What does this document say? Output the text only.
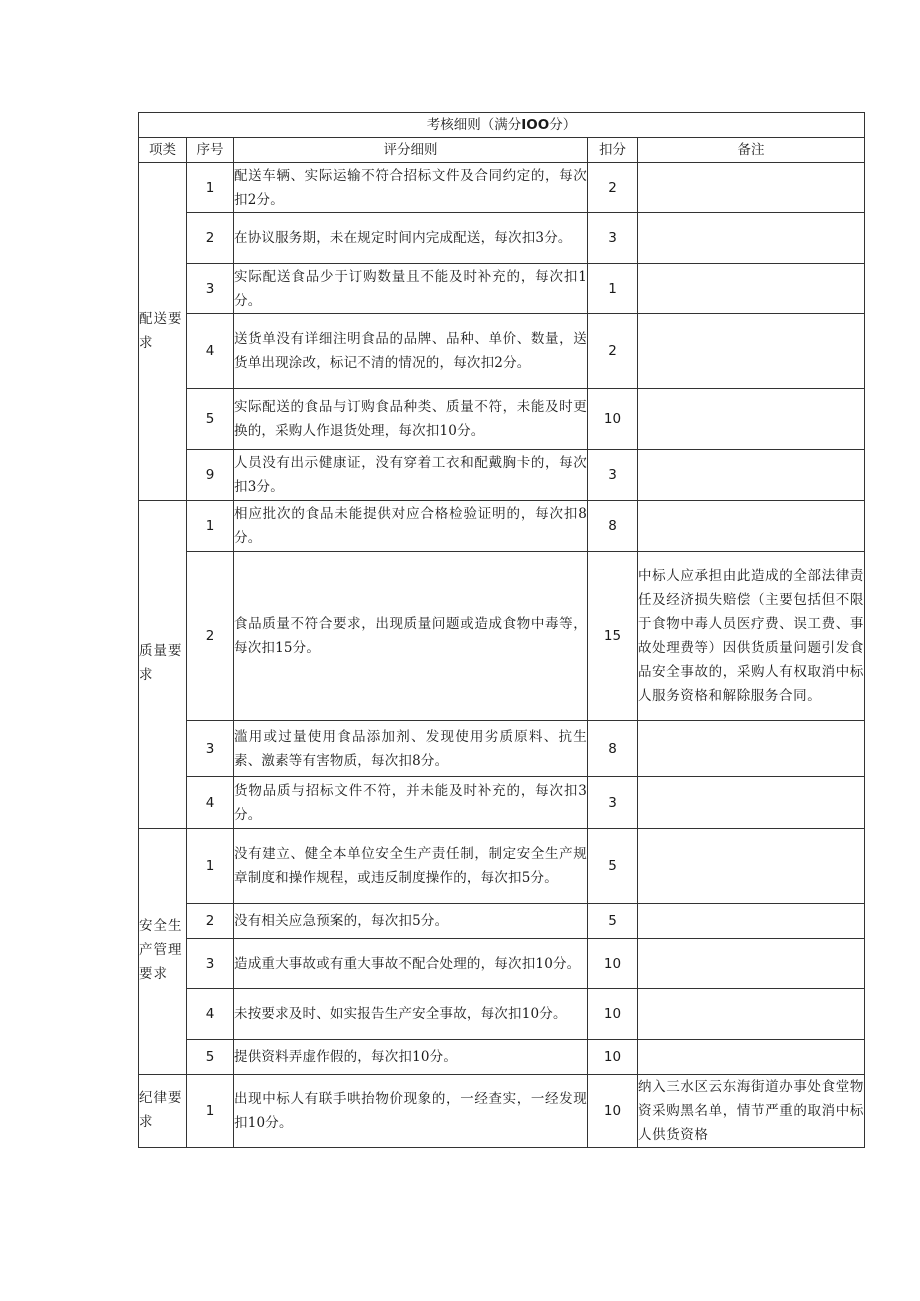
考核细则（满分IOO分）				
项类	序号	评分细则	扣分	备注
配送要求	1	配送车辆、实际运输不符合招标文件及合同约定的，每次扣2分。	2	
	2	在协议服务期，未在规定时间内完成配送，每次扣3分。	3	
	3	实际配送食品少于订购数量且不能及时补充的，每次扣1分。	1	
	4	送货单没有详细注明食品的品牌、品种、单价、数量，送货单出现涂改，标记不清的情况的，每次扣2分。	2	
	5	实际配送的食品与订购食品种类、质量不符，未能及时更换的，采购人作退货处理，每次扣10分。	10	
	9	人员没有出示健康证，没有穿着工衣和配戴胸卡的，每次扣3分。	3	
质量要求	1	相应批次的食品未能提供对应合格检验证明的，每次扣8分。	8	
	2	食品质量不符合要求，出现质量问题或造成食物中毒等，每次扣15分。	15	中标人应承担由此造成的全部法律责任及经济损失赔偿（主要包括但不限于食物中毒人员医疗费、误工费、事故处理费等）因供货质量问题引发食品安全事故的，采购人有权取消中标人服务资格和解除服务合同。
	3	滥用或过量使用食品添加剂、发现使用劣质原料、抗生素、激素等有害物质，每次扣8分。	8	
	4	货物品质与招标文件不符，并未能及时补充的，每次扣3分。	3	
安全生产管理要求	1	没有建立、健全本单位安全生产责任制，制定安全生产规章制度和操作规程，或违反制度操作的，每次扣5分。	5	
	2	没有相关应急预案的，每次扣5分。	5	
	3	造成重大事故或有重大事故不配合处理的，每次扣10分。	10	
	4	未按要求及时、如实报告生产安全事故，每次扣10分。	10	
	5	提供资料弄虚作假的，每次扣10分。	10	
纪律要求	1	出现中标人有联手哄抬物价现象的，一经查实，一经发现扣10分。	10	纳入三水区云东海街道办事处食堂物资采购黑名单，情节严重的取消中标人供货资格
